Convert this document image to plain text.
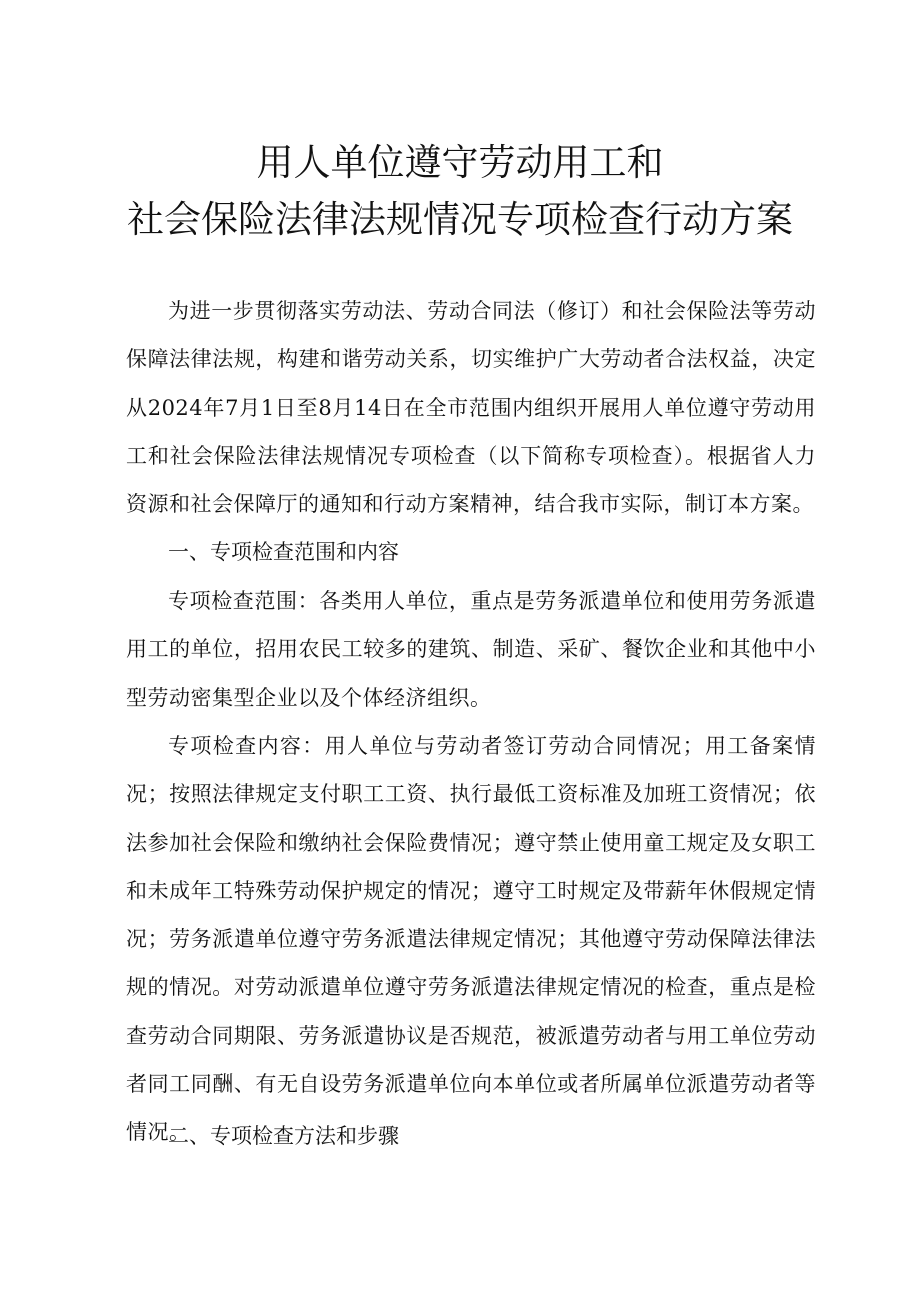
用人单位遵守劳动用工和
社会保险法律法规情况专项检查行动方案

为进一步贯彻落实劳动法、劳动合同法（修订）和社会保险法等劳动保障法律法规，构建和谐劳动关系，切实维护广大劳动者合法权益，决定从2024年7月1日至8月14日在全市范围内组织开展用人单位遵守劳动用工和社会保险法律法规情况专项检查（以下简称专项检查）。根据省人力资源和社会保障厅的通知和行动方案精神，结合我市实际，制订本方案。

一、专项检查范围和内容

专项检查范围：各类用人单位，重点是劳务派遣单位和使用劳务派遣用工的单位，招用农民工较多的建筑、制造、采矿、餐饮企业和其他中小型劳动密集型企业以及个体经济组织。

专项检查内容：用人单位与劳动者签订劳动合同情况；用工备案情况；按照法律规定支付职工工资、执行最低工资标准及加班工资情况；依法参加社会保险和缴纳社会保险费情况；遵守禁止使用童工规定及女职工和未成年工特殊劳动保护规定的情况；遵守工时规定及带薪年休假规定情况；劳务派遣单位遵守劳务派遣法律规定情况；其他遵守劳动保障法律法规的情况。对劳动派遣单位遵守劳务派遣法律规定情况的检查，重点是检查劳动合同期限、劳务派遣协议是否规范，被派遣劳动者与用工单位劳动者同工同酬、有无自设劳务派遣单位向本单位或者所属单位派遣劳动者等情况。

二、专项检查方法和步骤
